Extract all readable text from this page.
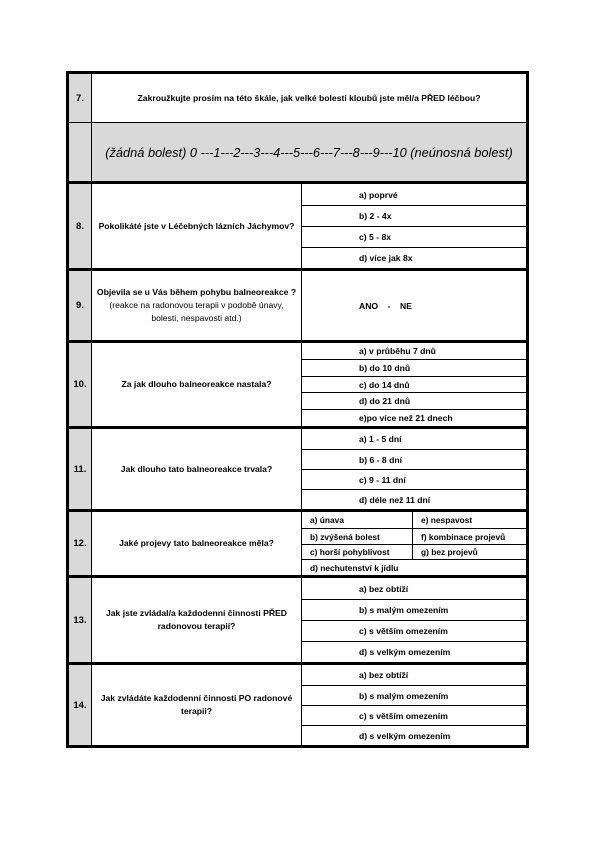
7.	Zakroužkujte prosím na této škále, jak velké bolesti kloubů jste měl/a PŘED léčbou?
(žádná bolest) 0 ---1---2---3---4---5---6---7---8---9---10 (neúnosná bolest)
8.	Pokolikáté jste v Léčebných lázních Jáchymov?
a) poprvé
b) 2 - 4x
c) 5 - 8x
d) více jak 8x
9.
Objevila se u Vás během pohybu balneoreakce ? (reakce na radonovou terapii v podobě únavy, bolesti, nespavosti atd.)
ANO    -    NE
10.	Za jak dlouho balneoreakce nastala?
a) v průběhu 7 dnů
b) do 10 dnů
c) do 14 dnů
d) do 21 dnů
e)po více než 21 dnech
11.	Jak dlouho tato balneoreakce trvala?
a) 1 - 5 dní
b) 6 - 8 dní
c) 9 - 11 dní
d) déle než 11 dní
12.	Jaké projevy tato balneoreakce měla?
a) únava	e) nespavost
b) zvýšená bolest	f) kombinace projevů
c) horší pohyblivost	g) bez projevů
d) nechutenství k jídlu
13.
Jak jste zvládal/a každodenní činnosti PŘED radonovou terapií?
a) bez obtíží
b) s malým omezením
c) s větším omezením
d) s velkým omezením
14.
Jak zvládáte každodenní činnosti PO radonové terapii?
a) bez obtíží
b) s malým omezením
c) s větším omezením
d) s velkým omezením
